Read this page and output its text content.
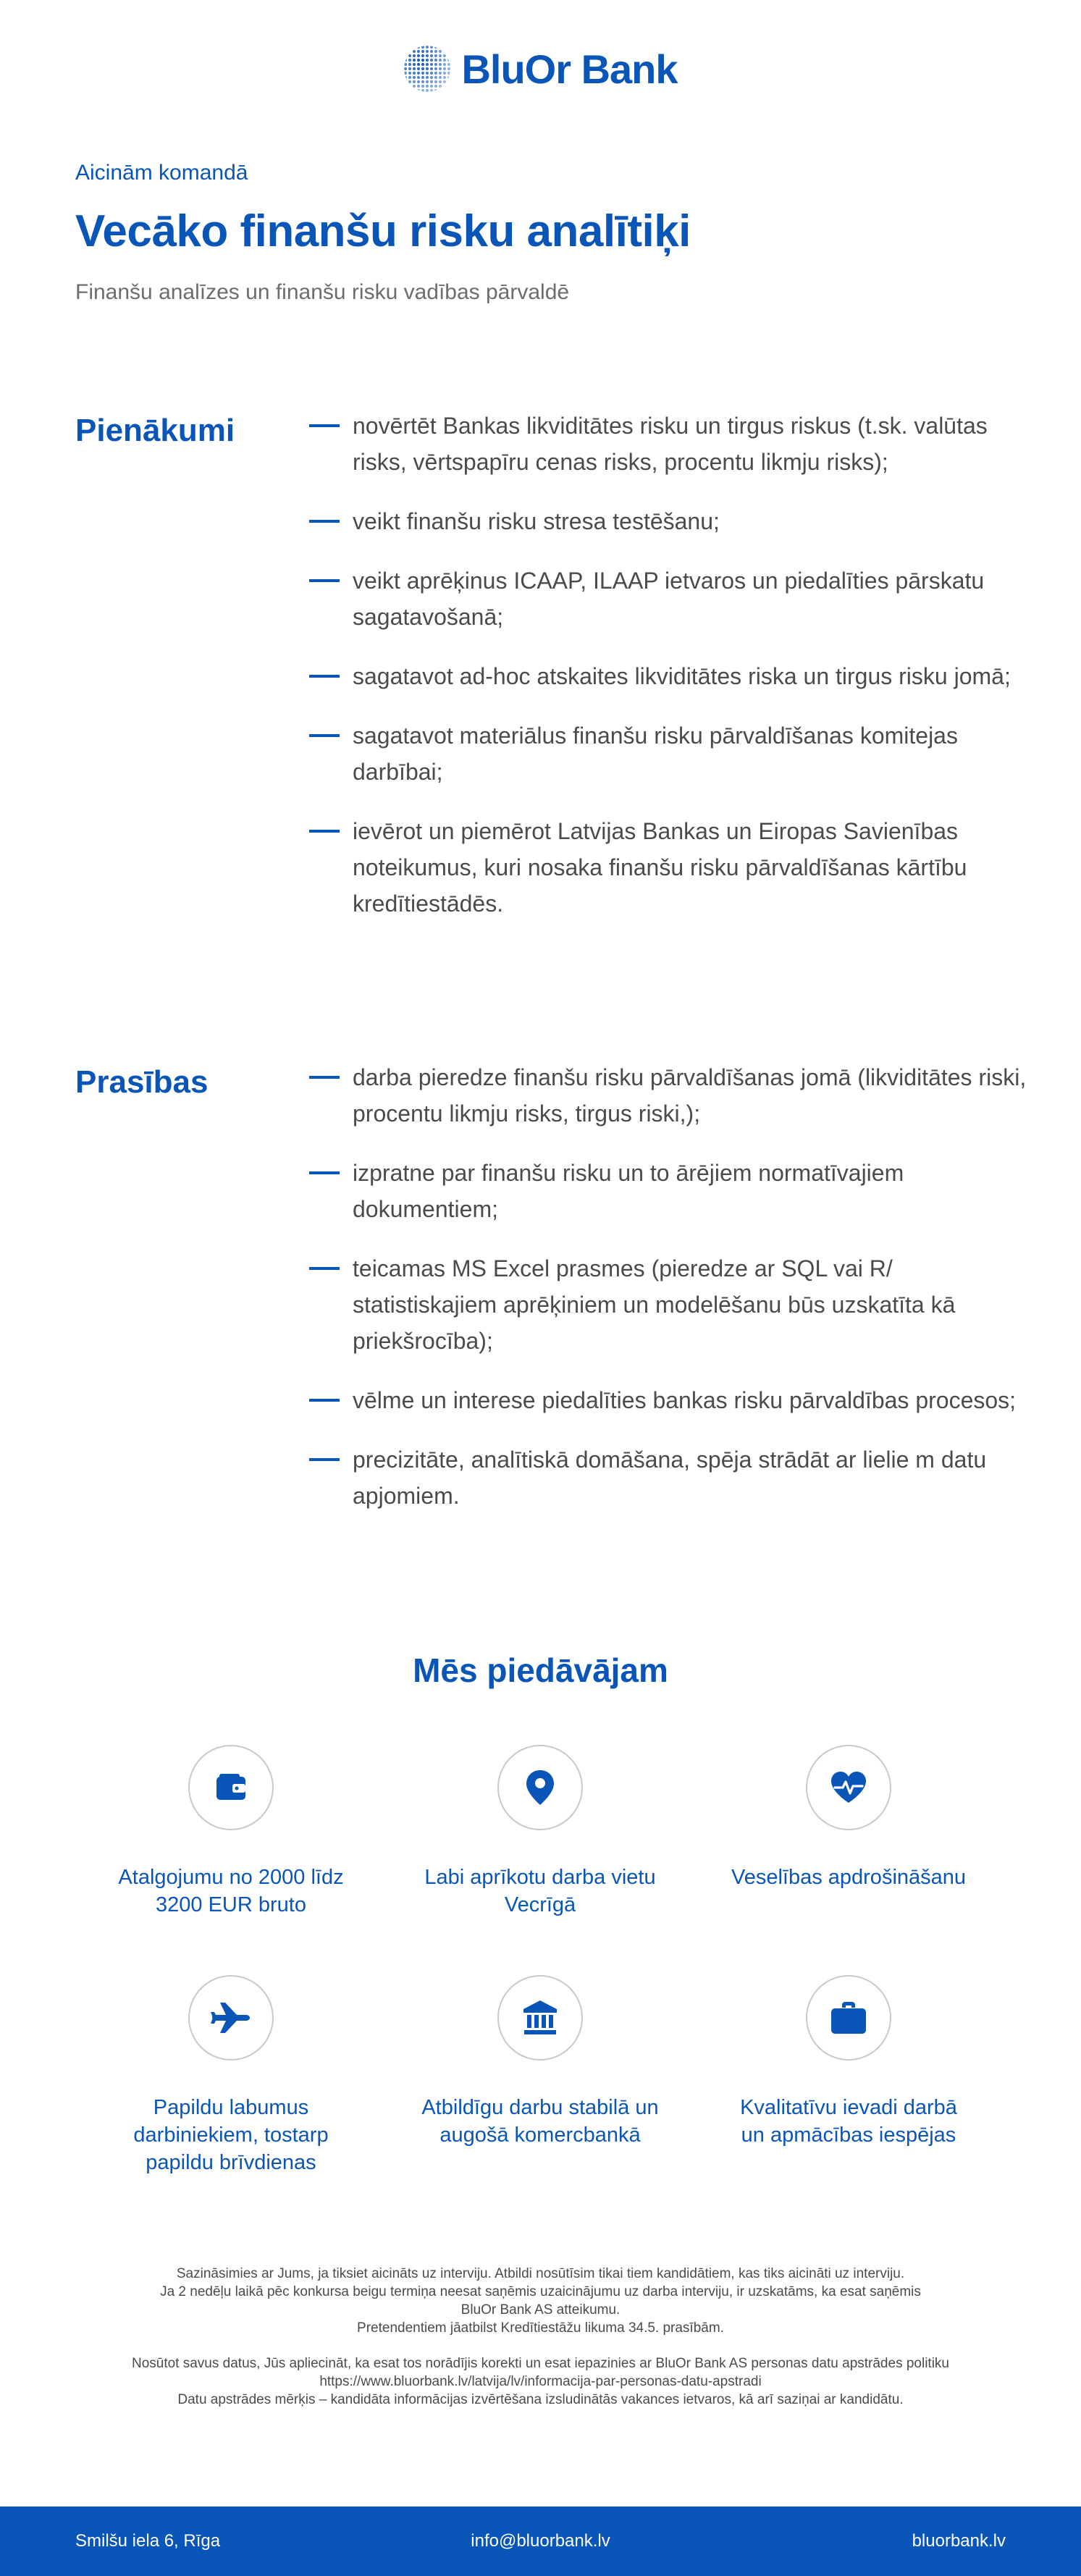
BluOr Bank
Aicinām komandā
Vecāko finanšu risku analītiķi
Finanšu analīzes un finanšu risku vadības pārvaldē
Pienākumi	novērtēt Bankas likviditātes risku un tirgus riskus (t.sk. valūtas risks, vērtspapīru cenas risks, procentu likmju risks);
veikt finanšu risku stresa testēšanu;
veikt aprēķinus ICAAP, ILAAP ietvaros un piedalīties pārskatu sagatavošanā;
sagatavot ad-hoc atskaites likviditātes riska un tirgus risku jomā;
sagatavot materiālus finanšu risku pārvaldīšanas komitejas darbībai;
ievērot un piemērot Latvijas Bankas un Eiropas Savienības noteikumus, kuri nosaka finanšu risku pārvaldīšanas kārtību kredītiestādēs.
Prasības	darba pieredze finanšu risku pārvaldīšanas jomā (likviditātes riski, procentu likmju risks, tirgus riski,);
izpratne par finanšu risku un to ārējiem normatīvajiem dokumentiem;
teicamas MS Excel prasmes (pieredze ar SQL vai R/ statistiskajiem aprēķiniem un modelēšanu būs uzskatīta kā priekšrocība);
vēlme un interese piedalīties bankas risku pārvaldības procesos;
precizitāte, analītiskā domāšana, spēja strādāt ar lielie m datu apjomiem.
Mēs piedāvājam
Atalgojumu no 2000 līdz 3200 EUR bruto
Labi aprīkotu darba vietu Vecrīgā
Veselības apdrošināšanu
Papildu labumus darbiniekiem, tostarp papildu brīvdienas
Atbildīgu darbu stabilā un augošā komercbankā
Kvalitatīvu ievadi darbā un apmācības iespējas
Sazināsimies ar Jums, ja tiksiet aicināts uz interviju. Atbildi nosūtīsim tikai tiem kandidātiem, kas tiks aicināti uz interviju.
Ja 2 nedēļu laikā pēc konkursa beigu termiņa neesat saņēmis uzaicinājumu uz darba interviju, ir uzskatāms, ka esat saņēmis
BluOr Bank AS atteikumu.
Pretendentiem jāatbilst Kredītiestāžu likuma 34.5. prasībām.
Nosūtot savus datus, Jūs apliecināt, ka esat tos norādījis korekti un esat iepazinies ar BluOr Bank AS personas datu apstrādes politiku
https://www.bluorbank.lv/latvija/lv/informacija-par-personas-datu-apstradi
Datu apstrādes mērķis – kandidāta informācijas izvērtēšana izsludinātās vakances ietvaros, kā arī saziņai ar kandidātu.
Smilšu iela 6, Rīga	info@bluorbank.lv	bluorbank.lv
